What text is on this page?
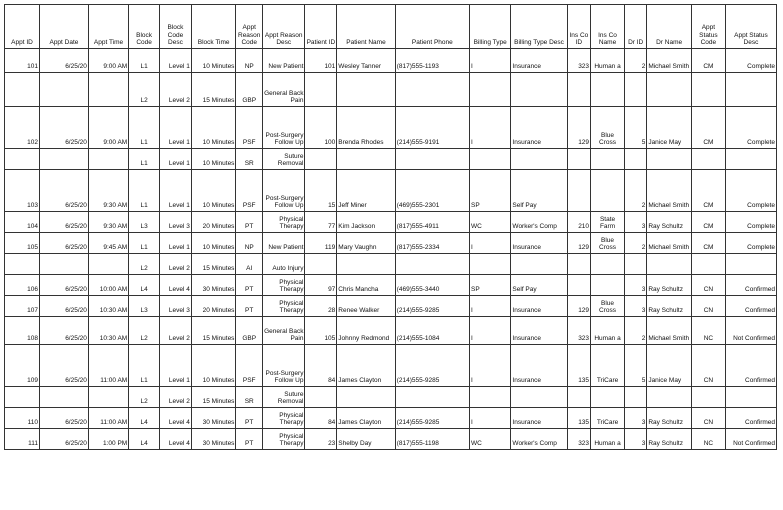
Appt ID	Appt Date	Appt Time	Block Code	Block Code Desc	Block Time	Appt Reason Code	Appt Reason Desc	Patient ID	Patient Name	Patient Phone	Billing Type	Billing Type Desc	Ins Co ID	Ins Co Name	Dr ID	Dr Name	Appt Status Code	Appt Status Desc
101	6/25/20	9:00 AM	L1	Level 1	10 Minutes	NP	New Patient	101	Wesley Tanner	(817)555-1193	I	Insurance	323	Human a	2	Michael Smith	CM	Complete
			L2	Level 2	15 Minutes	GBP	General Back Pain											
102	6/25/20	9:00 AM	L1	Level 1	10 Minutes	PSF	Post-Surgery Follow Up	100	Brenda Rhodes	(214)555-9191	I	Insurance	129	Blue Cross	5	Janice May	CM	Complete
			L1	Level 1	10 Minutes	SR	Suture Removal											
103	6/25/20	9:30 AM	L1	Level 1	10 Minutes	PSF	Post-Surgery Follow Up	15	Jeff Miner	(469)555-2301	SP	Self Pay			2	Michael Smith	CM	Complete
104	6/25/20	9:30 AM	L3	Level 3	20 Minutes	PT	Physical Therapy	77	Kim Jackson	(817)555-4911	WC	Worker's Comp	210	State Farm	3	Ray Schultz	CM	Complete
105	6/25/20	9:45 AM	L1	Level 1	10 Minutes	NP	New Patient	119	Mary Vaughn	(817)555-2334	I	Insurance	129	Blue Cross	2	Michael Smith	CM	Complete
			L2	Level 2	15 Minutes	AI	Auto Injury											
106	6/25/20	10:00 AM	L4	Level 4	30 Minutes	PT	Physical Therapy	97	Chris Mancha	(469)555-3440	SP	Self Pay			3	Ray Schultz	CN	Confirmed
107	6/25/20	10:30 AM	L3	Level 3	20 Minutes	PT	Physical Therapy	28	Renee Walker	(214)555-9285	I	Insurance	129	Blue Cross	3	Ray Schultz	CN	Confirmed
108	6/25/20	10:30 AM	L2	Level 2	15 Minutes	GBP	General Back Pain	105	Johnny Redmond	(214)555-1084	I	Insurance	323	Human a	2	Michael Smith	NC	Not Confirmed
109	6/25/20	11:00 AM	L1	Level 1	10 Minutes	PSF	Post-Surgery Follow Up	84	James Clayton	(214)555-9285	I	Insurance	135	TriCare	5	Janice May	CN	Confirmed
			L2	Level 2	15 Minutes	SR	Suture Removal											
110	6/25/20	11:00 AM	L4	Level 4	30 Minutes	PT	Physical Therapy	84	James Clayton	(214)555-9285	I	Insurance	135	TriCare	3	Ray Schultz	CN	Confirmed
111	6/25/20	1:00 PM	L4	Level 4	30 Minutes	PT	Physical Therapy	23	Shelby Day	(817)555-1198	WC	Worker's Comp	323	Human a	3	Ray Schultz	NC	Not Confirmed
